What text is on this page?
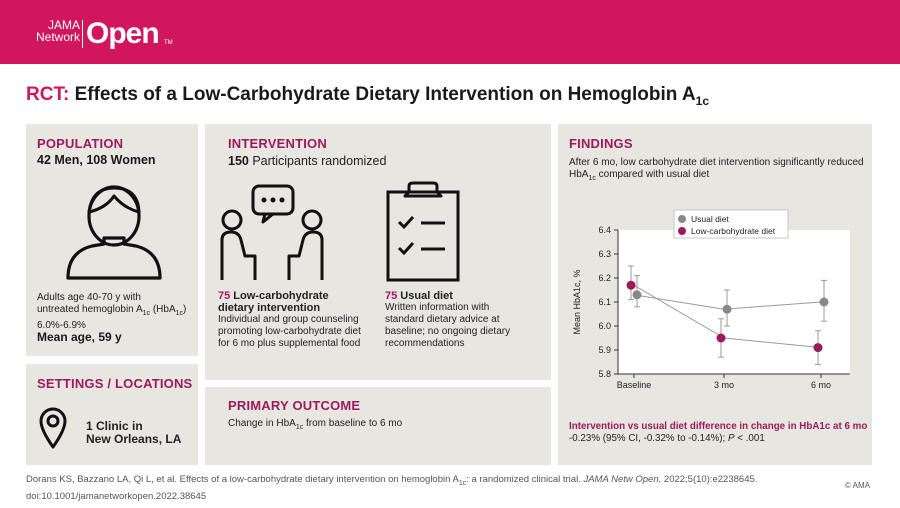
JAMA
Network Open TM
RCT: Effects of a Low-Carbohydrate Dietary Intervention on Hemoglobin $A_{1c}$
POPULATION
42 Men, 108 Women
Adults age 40-70 y with
untreated hemoglobin $A_{1c}$ (HbA$_{1c}$)
6.0%-6.9%
Mean age, 59 y
SETTINGS / LOCATIONS
1 Clinic in
New Orleans, LA
INTERVENTION
150 Participants randomized
75 Low-carbohydrate
dietary intervention
Individual and group counseling
promoting low-carbohydrate diet
for 6 mo plus supplemental food
75 Usual diet
Written information with
standard dietary advice at
baseline; no ongoing dietary
recommendations
PRIMARY OUTCOME
Change in HbA$_{1c}$ from baseline to 6 mo
FINDINGS
After 6 mo, low carbohydrate diet intervention significantly reduced
HbA$_{1c}$ compared with usual diet
5.8
5.9
6.0
6.1
6.2
6.3
6.4
Baseline	3 mo	6 mo
Mean HbA1c, %
Usual diet
Low-carbohydrate diet
Intervention vs usual diet difference in change in HbA1c at 6 mo
-0.23% (95% CI, -0.32% to -0.14%); P < .001
Dorans KS, Bazzano LA, Qi L, et al. Effects of a low-carbohydrate dietary intervention on hemoglobin $A_{1c}$: a randomized clinical trial. JAMA Netw Open. 2022;5(10):e2238645.
doi:10.1001/jamanetworkopen.2022.38645
© AMA
